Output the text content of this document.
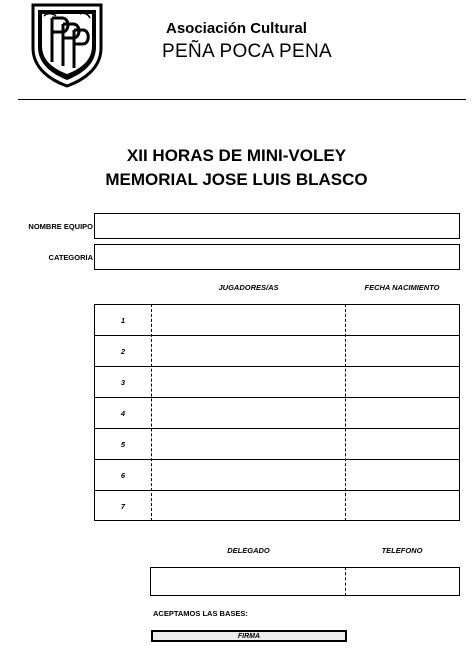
Asociación Cultural
PEÑA POCA PENA
XII HORAS DE MINI-VOLEY
MEMORIAL JOSE LUIS BLASCO
NOMBRE EQUIPO
CATEGORIA
JUGADORES/AS	FECHA NACIMIENTO
1
2
3
4
5
6
7
DELEGADO	TELEFONO
ACEPTAMOS LAS BASES:
FIRMA
